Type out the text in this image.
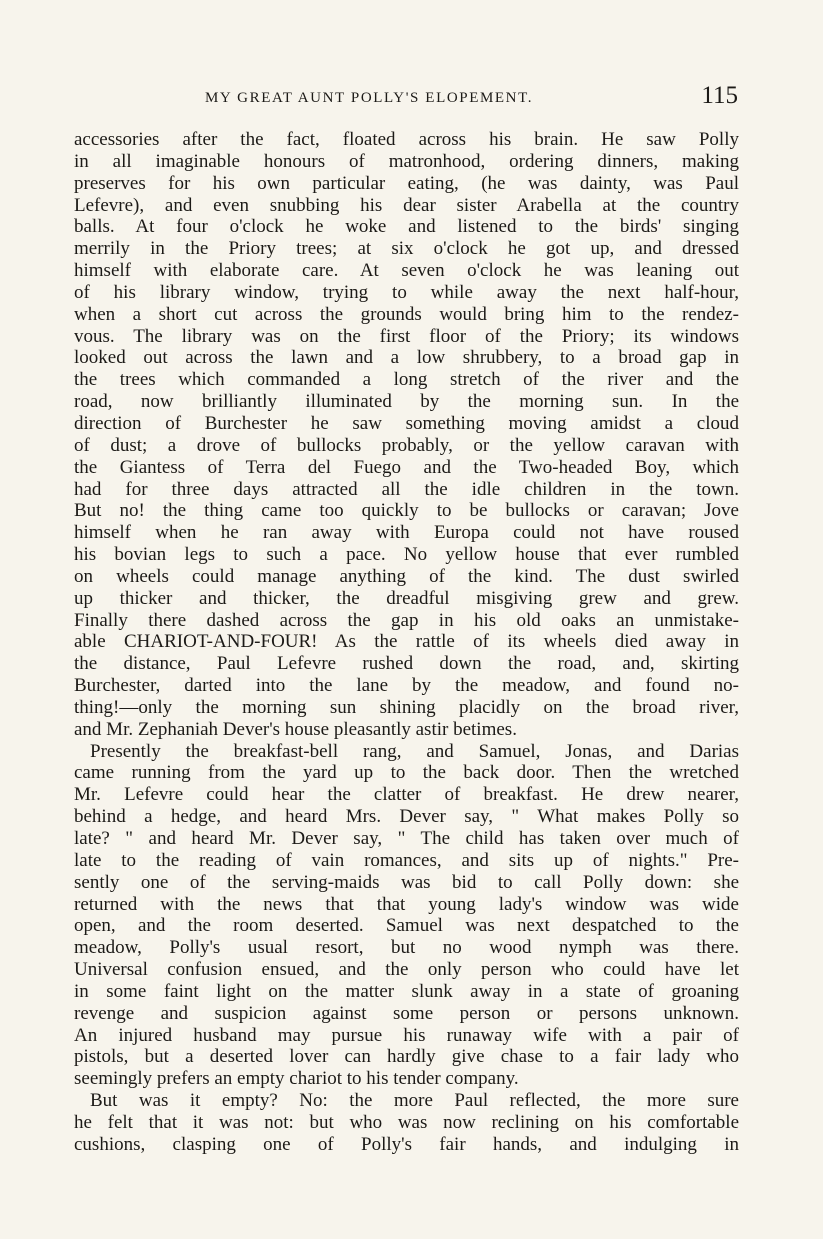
MY GREAT AUNT POLLY'S ELOPEMENT.	115
accessories after the fact, floated across his brain. He saw Polly
in all imaginable honours of matronhood, ordering dinners, making
preserves for his own particular eating, (he was dainty, was Paul
Lefevre), and even snubbing his dear sister Arabella at the country
balls. At four o'clock he woke and listened to the birds' singing
merrily in the Priory trees; at six o'clock he got up, and dressed
himself with elaborate care. At seven o'clock he was leaning out
of his library window, trying to while away the next half-hour,
when a short cut across the grounds would bring him to the rendez-
vous. The library was on the first floor of the Priory; its windows
looked out across the lawn and a low shrubbery, to a broad gap in
the trees which commanded a long stretch of the river and the
road, now brilliantly illuminated by the morning sun. In the
direction of Burchester he saw something moving amidst a cloud
of dust; a drove of bullocks probably, or the yellow caravan with
the Giantess of Terra del Fuego and the Two-headed Boy, which
had for three days attracted all the idle children in the town.
But no! the thing came too quickly to be bullocks or caravan; Jove
himself when he ran away with Europa could not have roused
his bovian legs to such a pace. No yellow house that ever rumbled
on wheels could manage anything of the kind. The dust swirled
up thicker and thicker, the dreadful misgiving grew and grew.
Finally there dashed across the gap in his old oaks an unmistake-
able CHARIOT-AND-FOUR! As the rattle of its wheels died away in
the distance, Paul Lefevre rushed down the road, and, skirting
Burchester, darted into the lane by the meadow, and found no-
thing!—only the morning sun shining placidly on the broad river,
and Mr. Zephaniah Dever's house pleasantly astir betimes.
Presently the breakfast-bell rang, and Samuel, Jonas, and Darias
came running from the yard up to the back door. Then the wretched
Mr. Lefevre could hear the clatter of breakfast. He drew nearer,
behind a hedge, and heard Mrs. Dever say, " What makes Polly so
late? " and heard Mr. Dever say, " The child has taken over much of
late to the reading of vain romances, and sits up of nights." Pre-
sently one of the serving-maids was bid to call Polly down: she
returned with the news that that young lady's window was wide
open, and the room deserted. Samuel was next despatched to the
meadow, Polly's usual resort, but no wood nymph was there.
Universal confusion ensued, and the only person who could have let
in some faint light on the matter slunk away in a state of groaning
revenge and suspicion against some person or persons unknown.
An injured husband may pursue his runaway wife with a pair of
pistols, but a deserted lover can hardly give chase to a fair lady who
seemingly prefers an empty chariot to his tender company.
But was it empty? No: the more Paul reflected, the more sure
he felt that it was not: but who was now reclining on his comfortable
cushions, clasping one of Polly's fair hands, and indulging in
